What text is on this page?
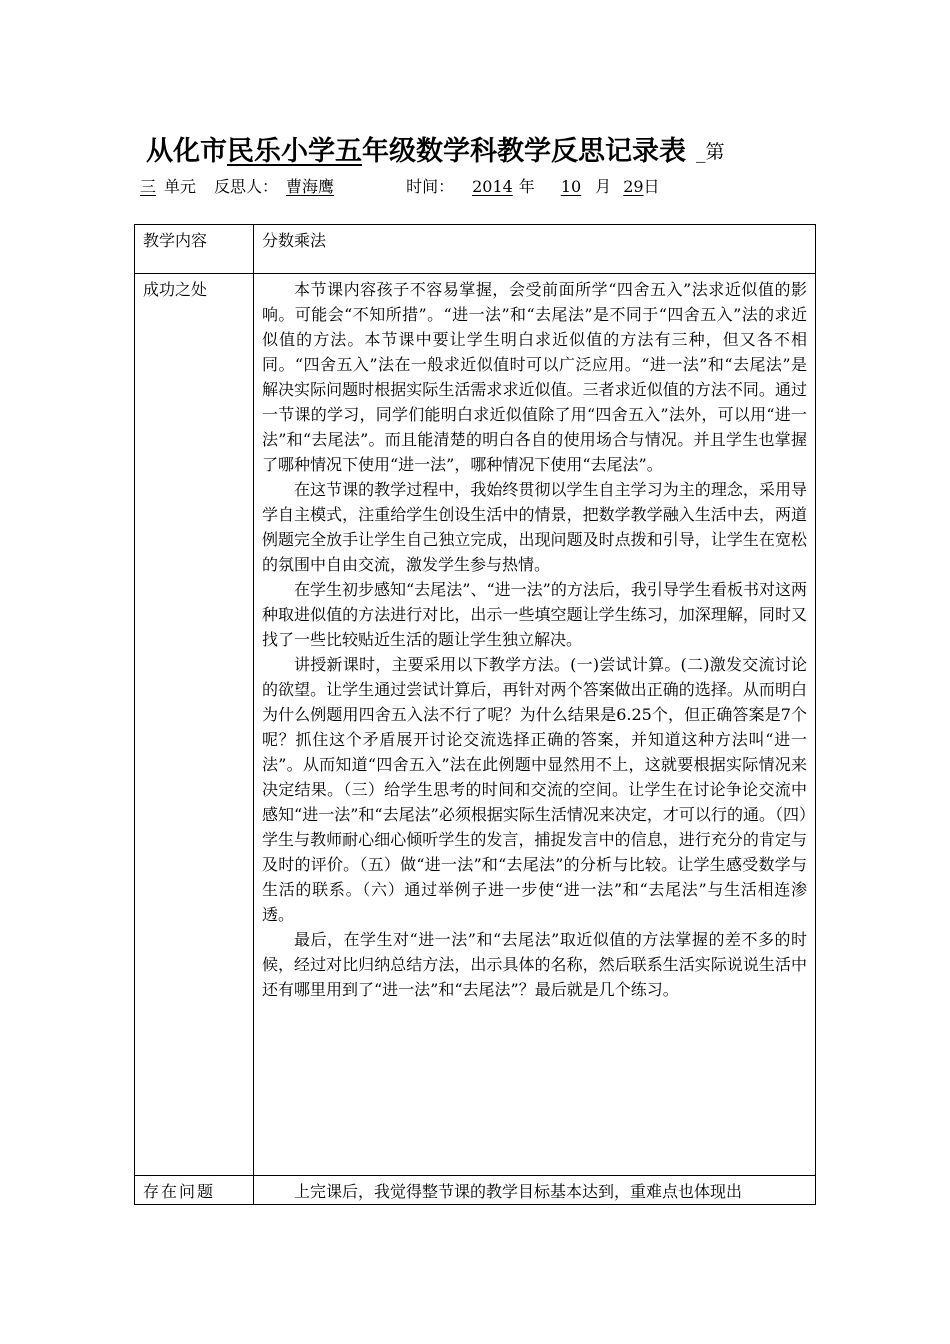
从化市民乐小学五年级数学科教学反思记录表 _第
三 单元 反思人： 曹海鹰	时间： 2014 年 10 月 29日
教学内容	分数乘法

成功之处	本节课内容孩子不容易掌握，会受前面所学“四舍五入”法求近似值的影响。可能会“不知所措”。“进一法”和“去尾法”是不同于“四舍五入”法的求近似值的方法。本节课中要让学生明白求近似值的方法有三种，但又各不相同。“四舍五入”法在一般求近似值时可以广泛应用。“进一法”和“去尾法”是解决实际问题时根据实际生活需求求近似值。三者求近似值的方法不同。通过一节课的学习，同学们能明白求近似值除了用“四舍五入”法外，可以用“进一法”和“去尾法”。而且能清楚的明白各自的使用场合与情况。并且学生也掌握了哪种情况下使用“进一法”，哪种情况下使用“去尾法”。

在这节课的教学过程中，我始终贯彻以学生自主学习为主的理念，采用导学自主模式，注重给学生创设生活中的情景，把数学教学融入生活中去，两道例题完全放手让学生自己独立完成，出现问题及时点拨和引导，让学生在宽松的氛围中自由交流，激发学生参与热情。

在学生初步感知“去尾法”、“进一法”的方法后，我引导学生看板书对这两种取进似值的方法进行对比，出示一些填空题让学生练习，加深理解，同时又找了一些比较贴近生活的题让学生独立解决。

讲授新课时，主要采用以下教学方法。(一)尝试计算。(二)激发交流讨论的欲望。让学生通过尝试计算后，再针对两个答案做出正确的选择。从而明白为什么例题用四舍五入法不行了呢？为什么结果是6.25个，但正确答案是7个呢？抓住这个矛盾展开讨论交流选择正确的答案，并知道这种方法叫“进一法”。从而知道“四舍五入”法在此例题中显然用不上，这就要根据实际情况来决定结果。（三）给学生思考的时间和交流的空间。让学生在讨论争论交流中感知“进一法”和“去尾法”必须根据实际生活情况来决定，才可以行的通。（四）学生与教师耐心细心倾听学生的发言，捕捉发言中的信息，进行充分的肯定与及时的评价。（五）做“进一法”和“去尾法”的分析与比较。让学生感受数学与生活的联系。（六）通过举例子进一步使“进一法”和“去尾法”与生活相连渗透。

最后，在学生对“进一法”和“去尾法”取近似值的方法掌握的差不多的时候，经过对比归纳总结方法，出示具体的名称，然后联系生活实际说说生活中还有哪里用到了“进一法”和“去尾法”？最后就是几个练习。

存在问题	上完课后，我觉得整节课的教学目标基本达到，重难点也体现出
